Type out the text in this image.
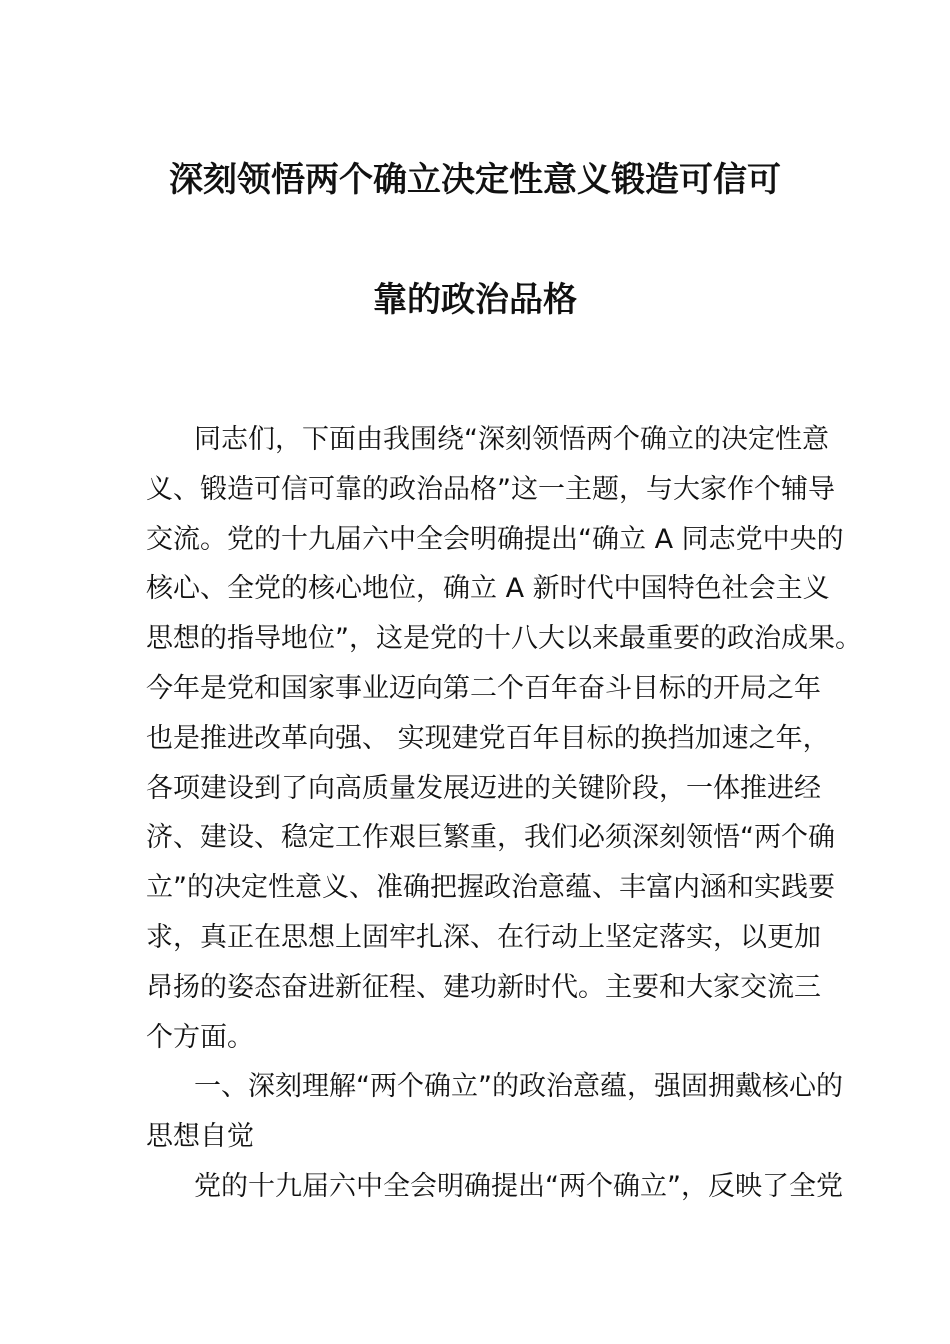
深刻领悟两个确立决定性意义锻造可信可
靠的政治品格
同志们，下面由我围绕“深刻领悟两个确立的决定性意
义、锻造可信可靠的政治品格”这一主题，与大家作个辅导
交流。党的十九届六中全会明确提出“确立 A 同志党中央的
核心、全党的核心地位，确立 A 新时代中国特色社会主义
思想的指导地位”，这是党的十八大以来最重要的政治成果。
今年是党和国家事业迈向第二个百年奋斗目标的开局之年
也是推进改革向强、 实现建党百年目标的换挡加速之年，
各项建设到了向高质量发展迈进的关键阶段，一体推进经
济、建设、稳定工作艰巨繁重，我们必须深刻领悟“两个确
立”的决定性意义、准确把握政治意蕴、丰富内涵和实践要
求，真正在思想上固牢扎深、在行动上坚定落实，以更加
昂扬的姿态奋进新征程、建功新时代。主要和大家交流三
个方面。
一、深刻理解“两个确立”的政治意蕴，强固拥戴核心的
思想自觉
党的十九届六中全会明确提出“两个确立”，反映了全党
